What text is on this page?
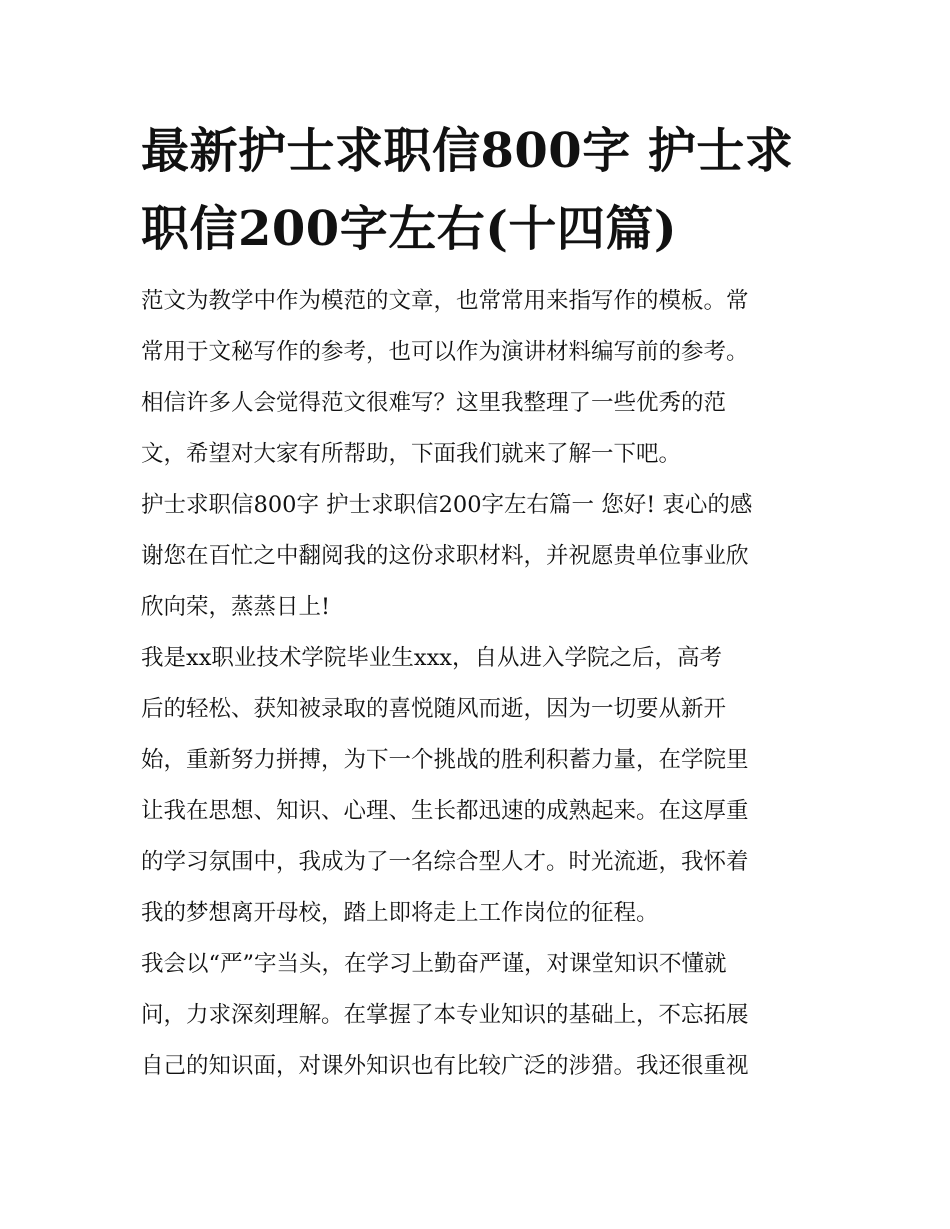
最新护士求职信800字 护士求职信200字左右(十四篇)
范文为教学中作为模范的文章，也常常用来指写作的模板。常
常用于文秘写作的参考，也可以作为演讲材料编写前的参考。
相信许多人会觉得范文很难写？这里我整理了一些优秀的范
文，希望对大家有所帮助，下面我们就来了解一下吧。
护士求职信800字 护士求职信200字左右篇一 您好! 衷心的感
谢您在百忙之中翻阅我的这份求职材料，并祝愿贵单位事业欣
欣向荣，蒸蒸日上!
我是xx职业技术学院毕业生xxx，自从进入学院之后，高考
后的轻松、获知被录取的喜悦随风而逝，因为一切要从新开
始，重新努力拼搏，为下一个挑战的胜利积蓄力量，在学院里
让我在思想、知识、心理、生长都迅速的成熟起来。在这厚重
的学习氛围中，我成为了一名综合型人才。时光流逝，我怀着
我的梦想离开母校，踏上即将走上工作岗位的征程。
我会以“严”字当头，在学习上勤奋严谨，对课堂知识不懂就
问，力求深刻理解。在掌握了本专业知识的基础上，不忘拓展
自己的知识面，对课外知识也有比较广泛的涉猎。我还很重视
